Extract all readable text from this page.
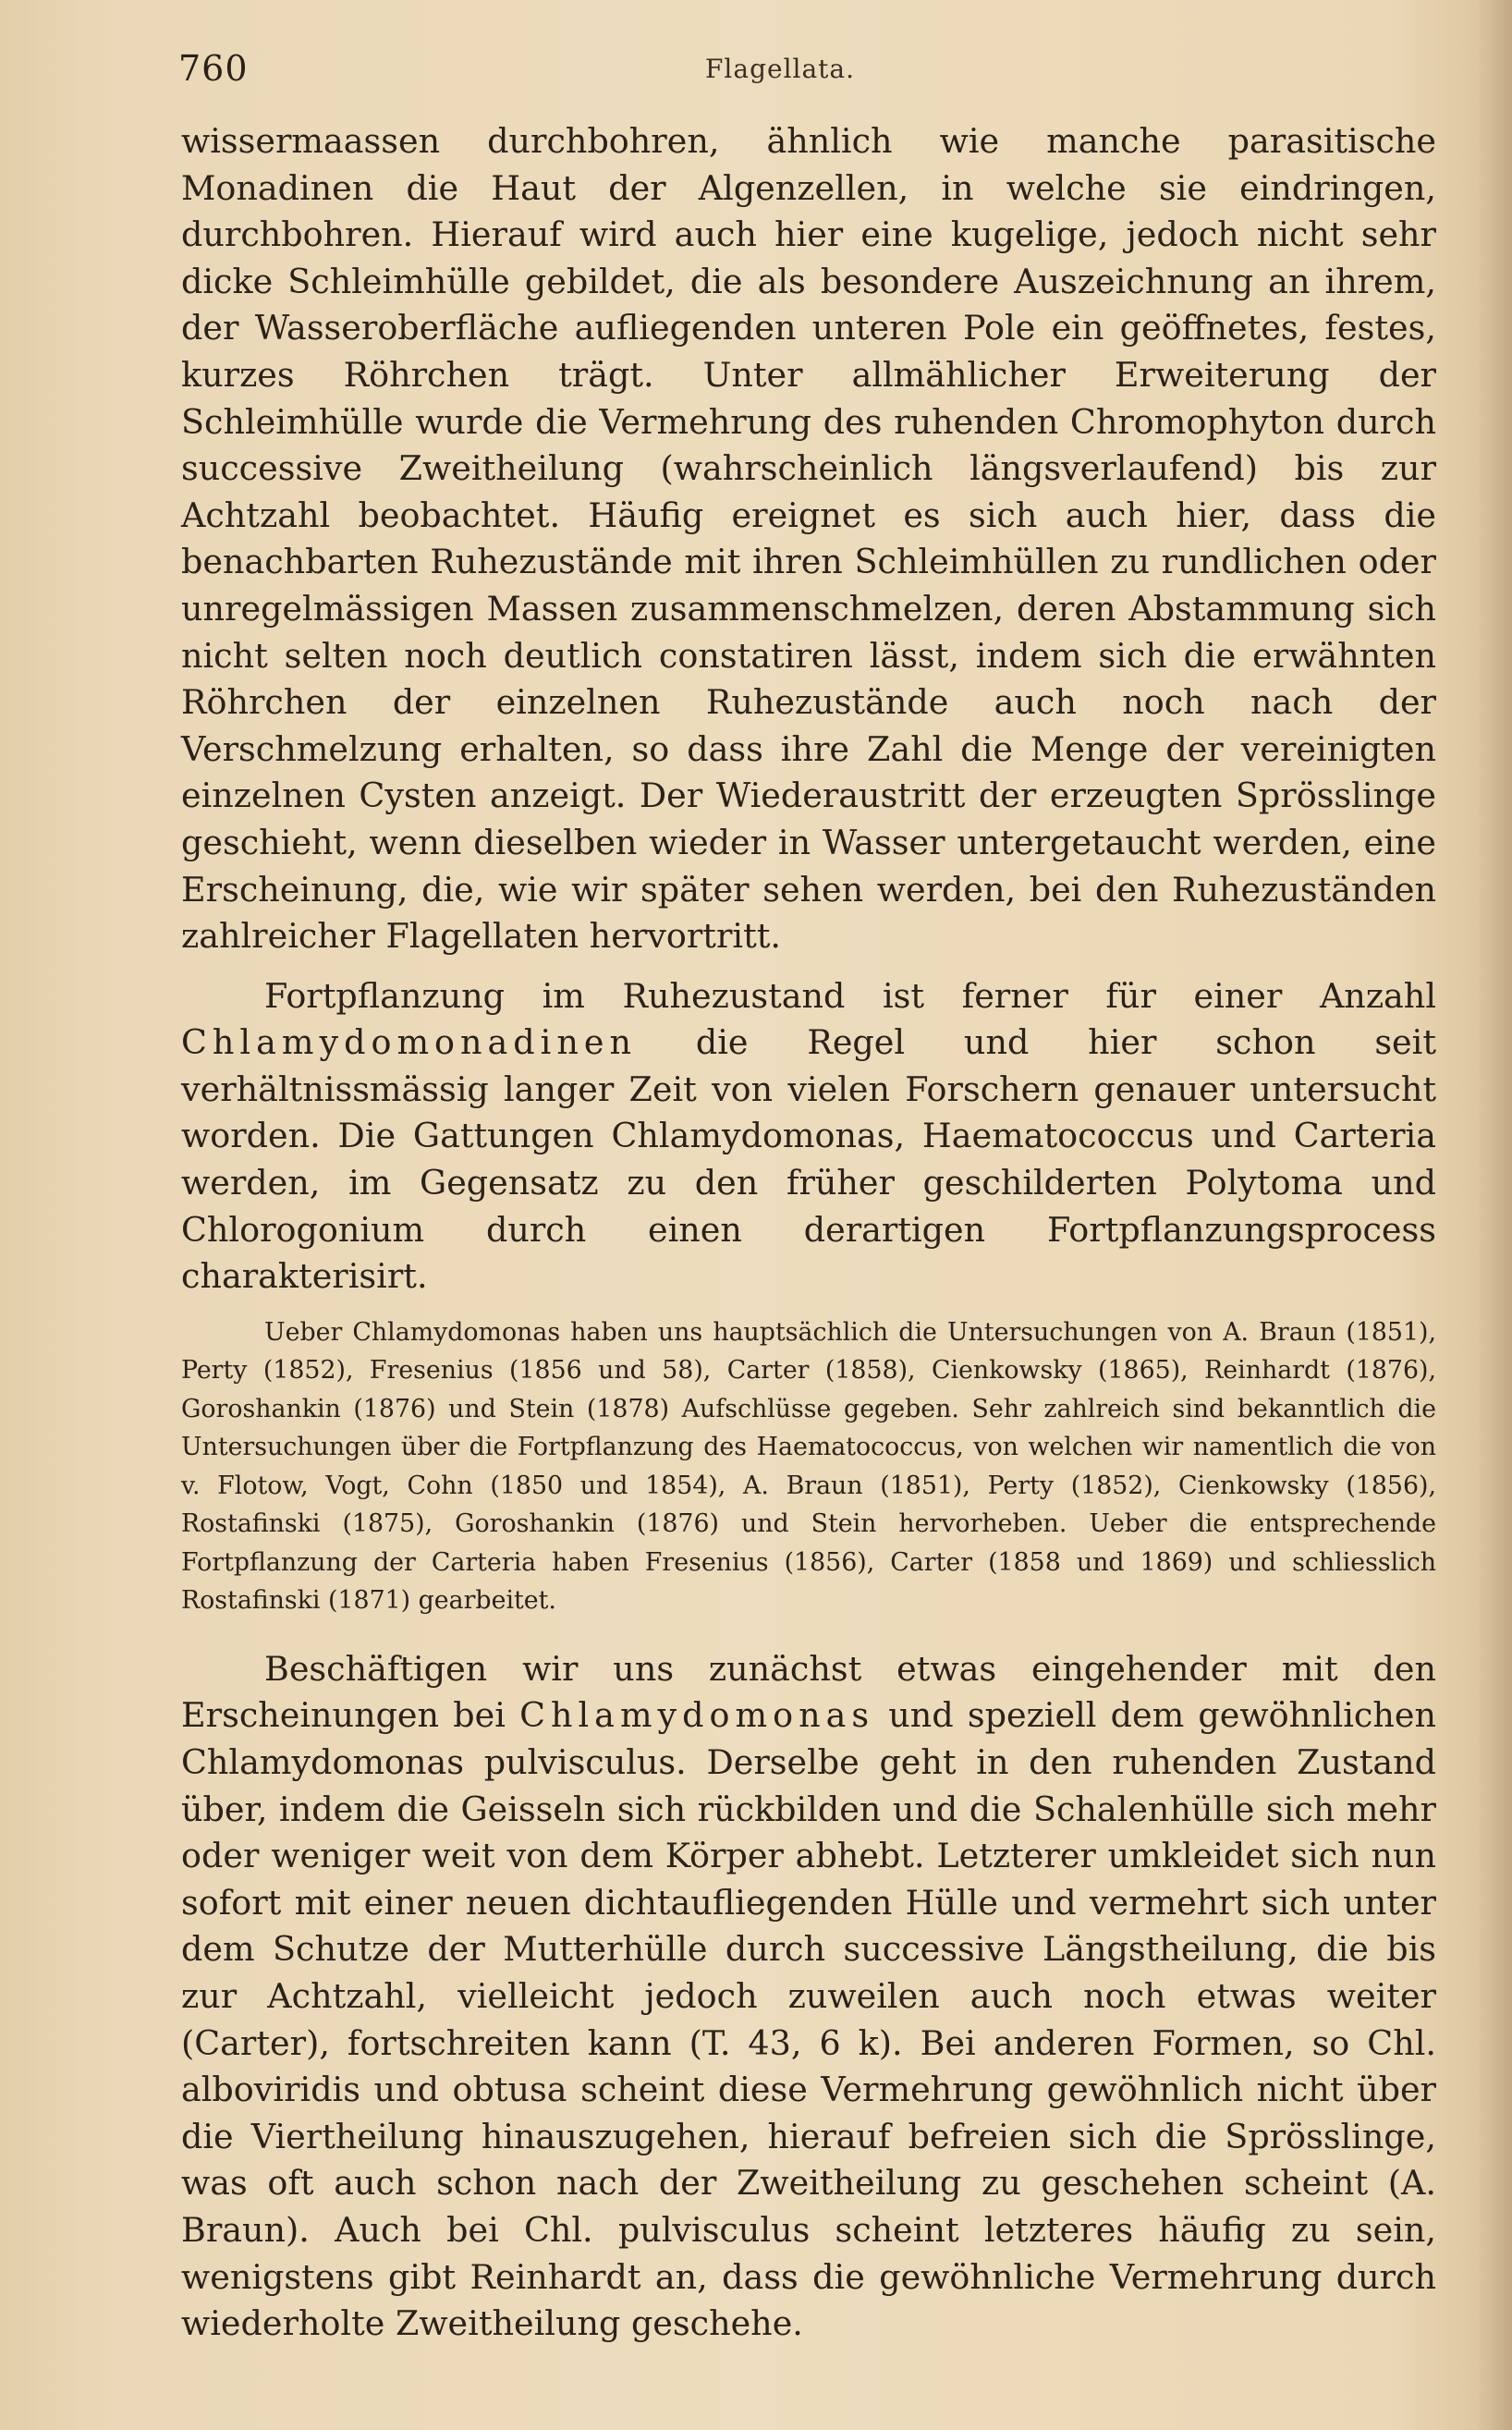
760	Flagellata.

wissermaassen durchbohren, ähnlich wie manche parasitische Monadinen die Haut der Algenzellen, in welche sie eindringen, durchbohren. Hierauf wird auch hier eine kugelige, jedoch nicht sehr dicke Schleimhülle gebildet, die als besondere Auszeichnung an ihrem, der Wasseroberfläche aufliegenden unteren Pole ein geöffnetes, festes, kurzes Röhrchen trägt. Unter allmählicher Erweiterung der Schleimhülle wurde die Vermehrung des ruhenden Chromophyton durch successive Zweitheilung (wahrscheinlich längsverlaufend) bis zur Achtzahl beobachtet. Häufig ereignet es sich auch hier, dass die benachbarten Ruhezustände mit ihren Schleimhüllen zu rundlichen oder unregelmässigen Massen zusammenschmelzen, deren Abstammung sich nicht selten noch deutlich constatiren lässt, indem sich die erwähnten Röhrchen der einzelnen Ruhezustände auch noch nach der Verschmelzung erhalten, so dass ihre Zahl die Menge der vereinigten einzelnen Cysten anzeigt. Der Wiederaustritt der erzeugten Sprösslinge geschieht, wenn dieselben wieder in Wasser untergetaucht werden, eine Erscheinung, die, wie wir später sehen werden, bei den Ruhezuständen zahlreicher Flagellaten hervortritt.

Fortpflanzung im Ruhezustand ist ferner für einer Anzahl Chlamydomonadinen die Regel und hier schon seit verhältnissmässig langer Zeit von vielen Forschern genauer untersucht worden. Die Gattungen Chlamydomonas, Haematococcus und Carteria werden, im Gegensatz zu den früher geschilderten Polytoma und Chlorogonium durch einen derartigen Fortpflanzungsprocess charakterisirt.

Ueber Chlamydomonas haben uns hauptsächlich die Untersuchungen von A. Braun (1851), Perty (1852), Fresenius (1856 und 58), Carter (1858), Cienkowsky (1865), Reinhardt (1876), Goroshankin (1876) und Stein (1878) Aufschlüsse gegeben. Sehr zahlreich sind bekanntlich die Untersuchungen über die Fortpflanzung des Haematococcus, von welchen wir namentlich die von v. Flotow, Vogt, Cohn (1850 und 1854), A. Braun (1851), Perty (1852), Cienkowsky (1856), Rostafinski (1875), Goroshankin (1876) und Stein hervorheben. Ueber die entsprechende Fortpflanzung der Carteria haben Fresenius (1856), Carter (1858 und 1869) und schliesslich Rostafinski (1871) gearbeitet.

Beschäftigen wir uns zunächst etwas eingehender mit den Erscheinungen bei Chlamydomonas und speziell dem gewöhnlichen Chlamydomonas pulvisculus. Derselbe geht in den ruhenden Zustand über, indem die Geisseln sich rückbilden und die Schalenhülle sich mehr oder weniger weit von dem Körper abhebt. Letzterer umkleidet sich nun sofort mit einer neuen dichtaufliegenden Hülle und vermehrt sich unter dem Schutze der Mutterhülle durch successive Längstheilung, die bis zur Achtzahl, vielleicht jedoch zuweilen auch noch etwas weiter (Carter), fortschreiten kann (T. 43, 6 k). Bei anderen Formen, so Chl. alboviridis und obtusa scheint diese Vermehrung gewöhnlich nicht über die Viertheilung hinauszugehen, hierauf befreien sich die Sprösslinge, was oft auch schon nach der Zweitheilung zu geschehen scheint (A. Braun). Auch bei Chl. pulvisculus scheint letzteres häufig zu sein, wenigstens gibt Reinhardt an, dass die gewöhnliche Vermehrung durch wiederholte Zweitheilung geschehe.
